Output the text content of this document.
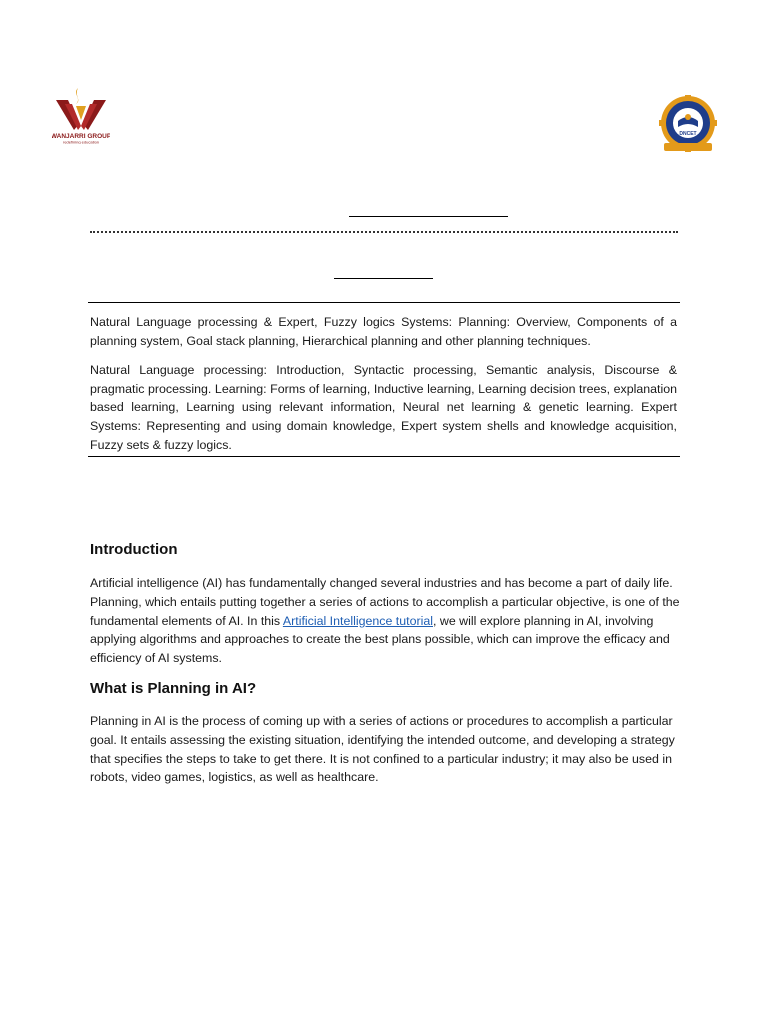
WANJARRI GROUP
redefining education
DNCET

Natural Language processing & Expert, Fuzzy logics Systems: Planning: Overview, Components of a planning system, Goal stack planning, Hierarchical planning and other planning techniques.

Natural Language processing: Introduction, Syntactic processing, Semantic analysis, Discourse & pragmatic processing. Learning: Forms of learning, Inductive learning, Learning decision trees, explanation based learning, Learning using relevant information, Neural net learning & genetic learning. Expert Systems: Representing and using domain knowledge, Expert system shells and knowledge acquisition, Fuzzy sets & fuzzy logics.

Introduction

Artificial intelligence (AI) has fundamentally changed several industries and has become a part of daily life. Planning, which entails putting together a series of actions to accomplish a particular objective, is one of the fundamental elements of AI. In this Artificial Intelligence tutorial, we will explore planning in AI, involving applying algorithms and approaches to create the best plans possible, which can improve the efficacy and efficiency of AI systems.

What is Planning in AI?

Planning in AI is the process of coming up with a series of actions or procedures to accomplish a particular goal. It entails assessing the existing situation, identifying the intended outcome, and developing a strategy that specifies the steps to take to get there. It is not confined to a particular industry; it may also be used in robots, video games, logistics, as well as healthcare.
